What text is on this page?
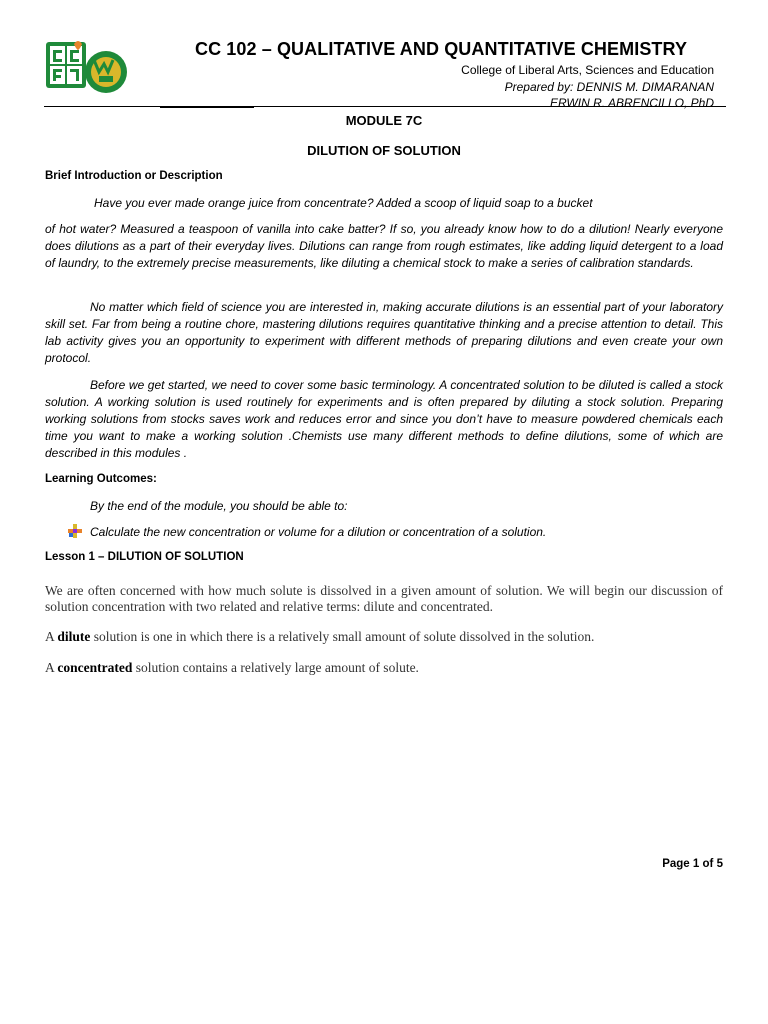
CC 102 – QUALITATIVE AND QUANTITATIVE CHEMISTRY
College of Liberal Arts, Sciences and Education
Prepared by: DENNIS M. DIMARANAN
ERWIN R. ABRENCILLO, PhD
MODULE 7C
DILUTION OF SOLUTION
Brief Introduction or Description
Have you ever made orange juice from concentrate? Added a scoop of liquid soap to a bucket
of hot water? Measured a teaspoon of vanilla into cake batter? If so, you already know how to do a dilution! Nearly everyone does dilutions as a part of their everyday lives. Dilutions can range from rough estimates, like adding liquid detergent to a load of laundry, to the extremely precise measurements, like diluting a chemical stock to make a series of calibration standards.
No matter which field of science you are interested in, making accurate dilutions is an essential part of your laboratory skill set. Far from being a routine chore, mastering dilutions requires quantitative thinking and a precise attention to detail. This lab activity gives you an opportunity to experiment with different methods of preparing dilutions and even create your own protocol.
Before we get started, we need to cover some basic terminology. A concentrated solution to be diluted is called a stock solution. A working solution is used routinely for experiments and is often prepared by diluting a stock solution. Preparing working solutions from stocks saves work and reduces error and since you don’t have to measure powdered chemicals each time you want to make a working solution .Chemists use many different methods to define dilutions, some of which are described in this modules .
Learning Outcomes:
By the end of the module, you should be able to:
Calculate the new concentration or volume for a dilution or concentration of a solution.
Lesson 1 – DILUTION OF SOLUTION
We are often concerned with how much solute is dissolved in a given amount of solution. We will begin our discussion of solution concentration with two related and relative terms: dilute and concentrated.
A dilute solution is one in which there is a relatively small amount of solute dissolved in the solution.
A concentrated solution contains a relatively large amount of solute.
Page 1 of 5
